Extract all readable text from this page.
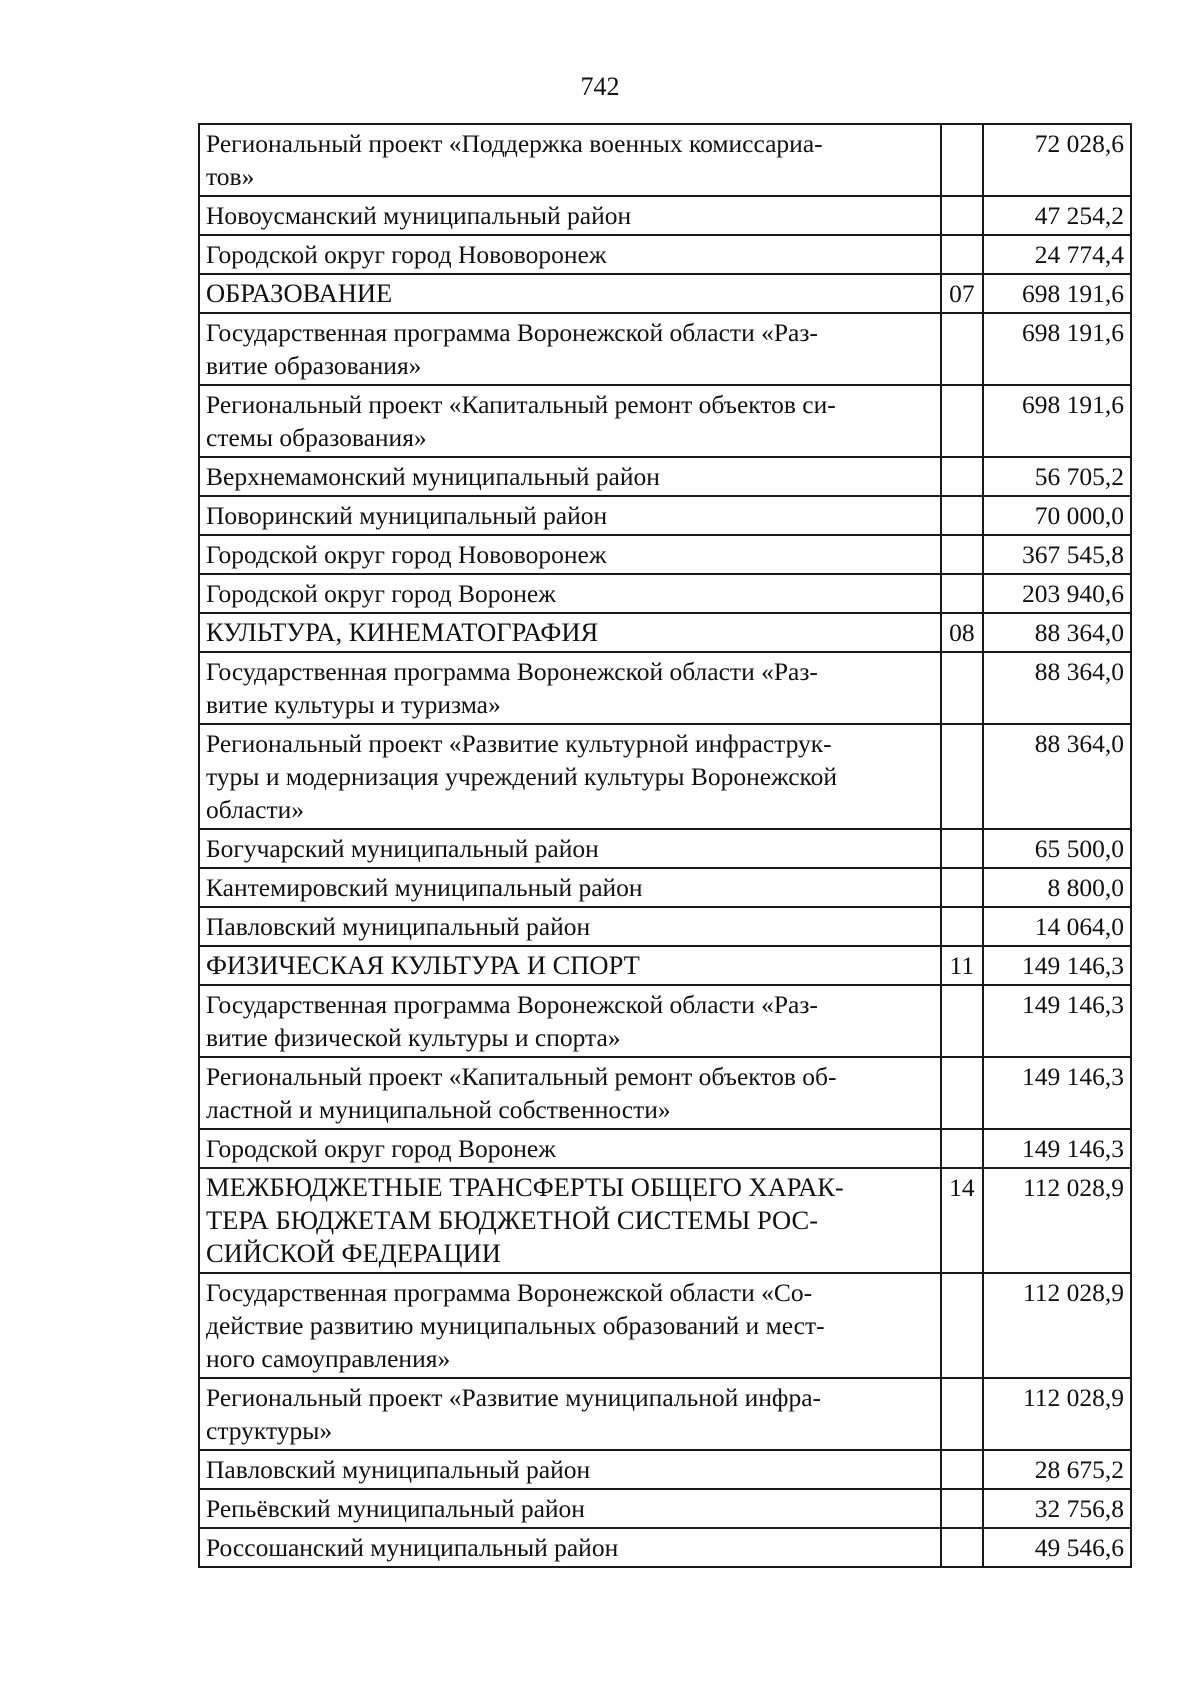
742
Региональный проект «Поддержка военных комиссариа-
тов»		72 028,6
Новоусманский муниципальный район		47 254,2
Городской округ город Нововоронеж		24 774,4
ОБРАЗОВАНИЕ	07	698 191,6
Государственная программа Воронежской области «Раз-
витие образования»		698 191,6
Региональный проект «Капитальный ремонт объектов си-
стемы образования»		698 191,6
Верхнемамонский муниципальный район		56 705,2
Поворинский муниципальный район		70 000,0
Городской округ город Нововоронеж		367 545,8
Городской округ город Воронеж		203 940,6
КУЛЬТУРА, КИНЕМАТОГРАФИЯ	08	88 364,0
Государственная программа Воронежской области «Раз-
витие культуры и туризма»		88 364,0
Региональный проект «Развитие культурной инфраструк-
туры и модернизация учреждений культуры Воронежской
области»		88 364,0
Богучарский муниципальный район		65 500,0
Кантемировский муниципальный район		8 800,0
Павловский муниципальный район		14 064,0
ФИЗИЧЕСКАЯ КУЛЬТУРА И СПОРТ	11	149 146,3
Государственная программа Воронежской области «Раз-
витие физической культуры и спорта»		149 146,3
Региональный проект «Капитальный ремонт объектов об-
ластной и муниципальной собственности»		149 146,3
Городской округ город Воронеж		149 146,3
МЕЖБЮДЖЕТНЫЕ ТРАНСФЕРТЫ ОБЩЕГО ХАРАК-
ТЕРА БЮДЖЕТАМ БЮДЖЕТНОЙ СИСТЕМЫ РОС-
СИЙСКОЙ ФЕДЕРАЦИИ	14	112 028,9
Государственная программа Воронежской области «Со-
действие развитию муниципальных образований и мест-
ного самоуправления»		112 028,9
Региональный проект «Развитие муниципальной инфра-
структуры»		112 028,9
Павловский муниципальный район		28 675,2
Репьёвский муниципальный район		32 756,8
Россошанский муниципальный район		49 546,6
